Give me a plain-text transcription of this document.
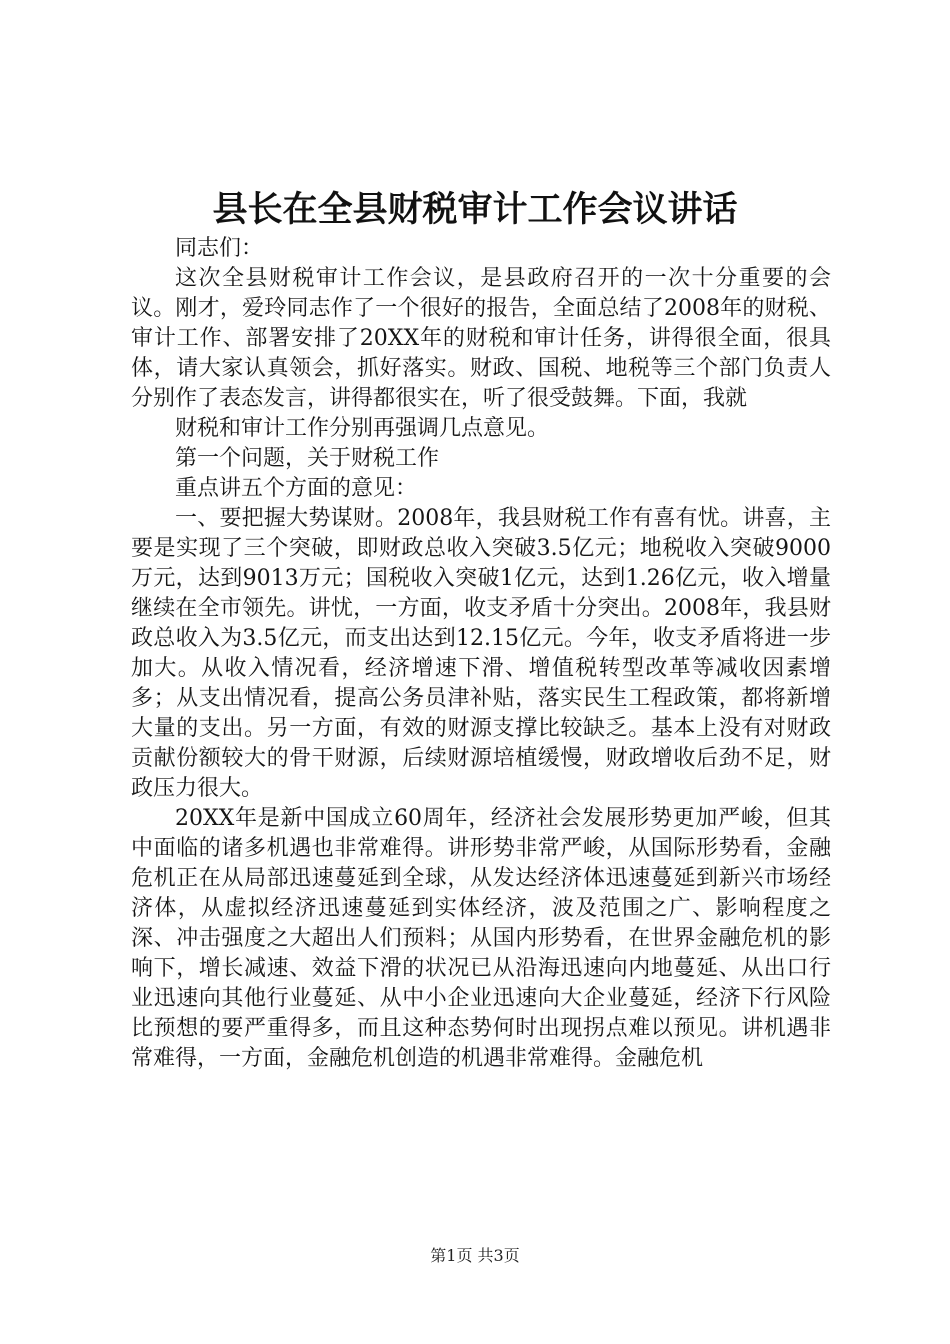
县长在全县财税审计工作会议讲话

同志们：

这次全县财税审计工作会议，是县政府召开的一次十分重要的会议。刚才，爱玲同志作了一个很好的报告，全面总结了2008年的财税、审计工作、部署安排了20XX年的财税和审计任务，讲得很全面，很具体，请大家认真领会，抓好落实。财政、国税、地税等三个部门负责人分别作了表态发言，讲得都很实在，听了很受鼓舞。下面，我就

财税和审计工作分别再强调几点意见。

第一个问题，关于财税工作

重点讲五个方面的意见：

一、要把握大势谋财。2008年，我县财税工作有喜有忧。讲喜，主要是实现了三个突破，即财政总收入突破3.5亿元；地税收入突破9000万元，达到9013万元；国税收入突破1亿元，达到1.26亿元，收入增量继续在全市领先。讲忧，一方面，收支矛盾十分突出。2008年，我县财政总收入为3.5亿元，而支出达到12.15亿元。今年，收支矛盾将进一步加大。从收入情况看，经济增速下滑、增值税转型改革等减收因素增多；从支出情况看，提高公务员津补贴，落实民生工程政策，都将新增大量的支出。另一方面，有效的财源支撑比较缺乏。基本上没有对财政贡献份额较大的骨干财源，后续财源培植缓慢，财政增收后劲不足，财政压力很大。

20XX年是新中国成立60周年，经济社会发展形势更加严峻，但其中面临的诸多机遇也非常难得。讲形势非常严峻，从国际形势看，金融危机正在从局部迅速蔓延到全球，从发达经济体迅速蔓延到新兴市场经济体，从虚拟经济迅速蔓延到实体经济，波及范围之广、影响程度之深、冲击强度之大超出人们预料；从国内形势看，在世界金融危机的影响下，增长减速、效益下滑的状况已从沿海迅速向内地蔓延、从出口行业迅速向其他行业蔓延、从中小企业迅速向大企业蔓延，经济下行风险比预想的要严重得多，而且这种态势何时出现拐点难以预见。讲机遇非常难得，一方面，金融危机创造的机遇非常难得。金融危机

第1页 共3页
